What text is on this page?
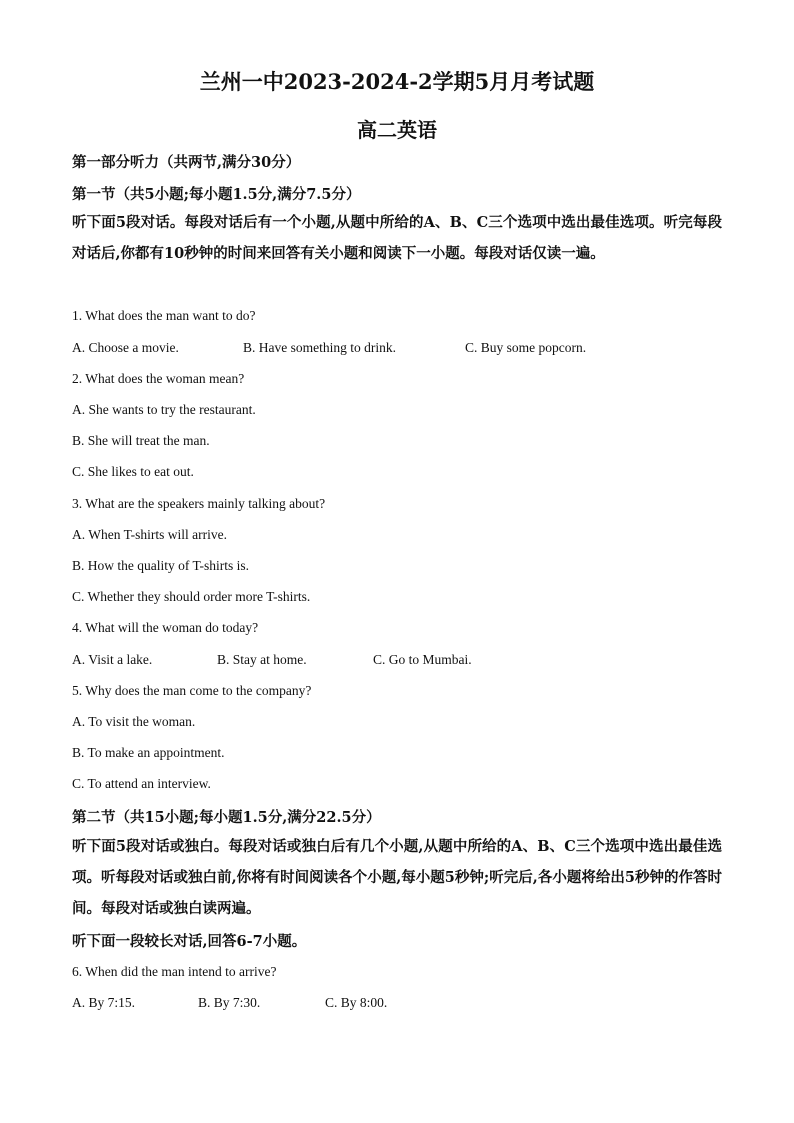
兰州一中2023-2024-2学期5月月考试题
高二英语
第一部分听力（共两节,满分30分）
第一节（共5小题;每小题1.5分,满分7.5分）
听下面5段对话。每段对话后有一个小题,从题中所给的A、B、C三个选项中选出最佳选项。听完每段对话后,你都有10秒钟的时间来回答有关小题和阅读下一小题。每段对话仅读一遍。
1. What does the man want to do?
A. Choose a movie.	B. Have something to drink.	C. Buy some popcorn.
2. What does the woman mean?
A. She wants to try the restaurant.
B. She will treat the man.
C. She likes to eat out.
3. What are the speakers mainly talking about?
A. When T-shirts will arrive.
B. How the quality of T-shirts is.
C. Whether they should order more T-shirts.
4. What will the woman do today?
A. Visit a lake.	B. Stay at home.	C. Go to Mumbai.
5. Why does the man come to the company?
A. To visit the woman.
B. To make an appointment.
C. To attend an interview.
第二节（共15小题;每小题1.5分,满分22.5分）
听下面5段对话或独白。每段对话或独白后有几个小题,从题中所给的A、B、C三个选项中选出最佳选项。听每段对话或独白前,你将有时间阅读各个小题,每小题5秒钟;听完后,各小题将给出5秒钟的作答时间。每段对话或独白读两遍。
听下面一段较长对话,回答6-7小题。
6. When did the man intend to arrive?
A. By 7:15.	B. By 7:30.	C. By 8:00.
